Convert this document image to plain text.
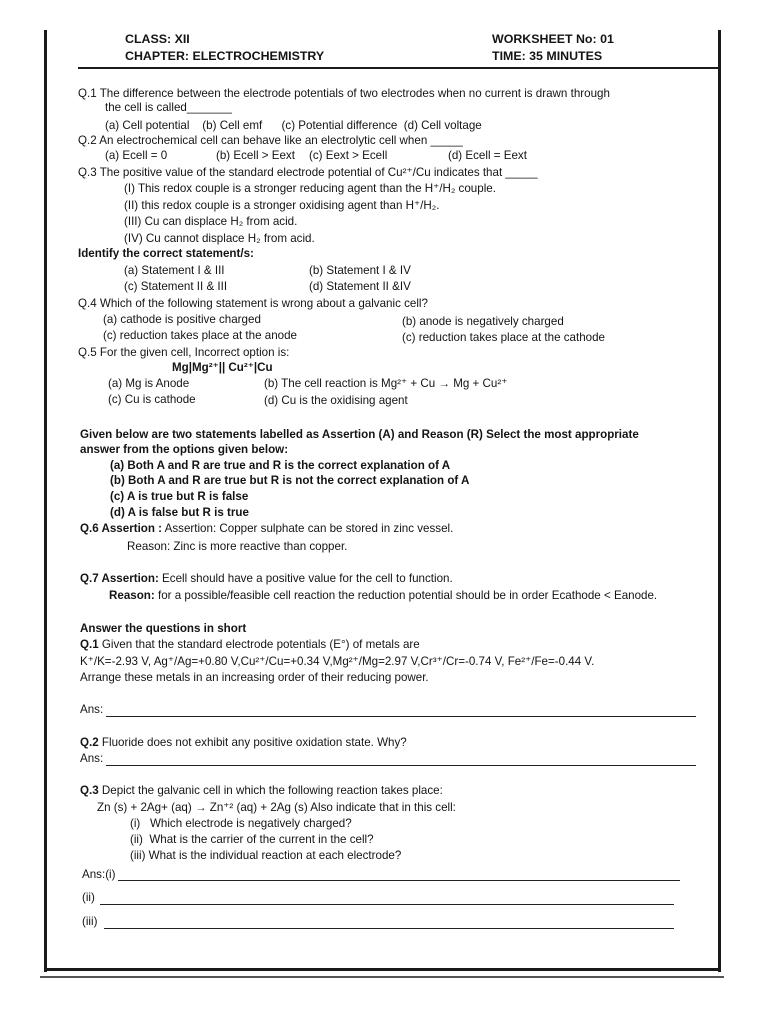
CLASS: XII
CHAPTER: ELECTROCHEMISTRY
WORKSHEET No: 01
TIME: 35 MINUTES
Q.1 The difference between the electrode potentials of two electrodes when no current is drawn through
the cell is called_______
(a) Cell potential    (b) Cell emf      (c) Potential difference  (d) Cell voltage
Q.2 An electrochemical cell can behave like an electrolytic cell when _____
(a) Ecell = 0	(b) Ecell > Eext (c) Eext > Ecell	(d) Ecell = Eext
Q.3 The positive value of the standard electrode potential of Cu²⁺/Cu indicates that _____
(I) This redox couple is a stronger reducing agent than the H⁺/H₂ couple.
(II) this redox couple is a stronger oxidising agent than H⁺/H₂.
(III) Cu can displace H₂ from acid.
(IV) Cu cannot displace H₂ from acid.
Identify the correct statement/s:
(a) Statement I & III	(b) Statement I & IV
(c) Statement II & III	(d) Statement II &IV
Q.4 Which of the following statement is wrong about a galvanic cell?
(a) cathode is positive charged	(b) anode is negatively charged
(c) reduction takes place at the anode	(c) reduction takes place at the cathode
Q.5 For the given cell, Incorrect option is:
Mg|Mg²⁺|| Cu²⁺|Cu
(a) Mg is Anode	(b) The cell reaction is Mg²⁺ + Cu → Mg + Cu²⁺
(c) Cu is cathode	(d) Cu is the oxidising agent
Given below are two statements labelled as Assertion (A) and Reason (R) Select the most appropriate
answer from the options given below:
(a) Both A and R are true and R is the correct explanation of A
(b) Both A and R are true but R is not the correct explanation of A
(c) A is true but R is false
(d) A is false but R is true
Q.6 Assertion : Assertion: Copper sulphate can be stored in zinc vessel.
Reason: Zinc is more reactive than copper.
Q.7 Assertion: Ecell should have a positive value for the cell to function.
Reason: for a possible/feasible cell reaction the reduction potential should be in order Ecathode < Eanode.
Answer the questions in short
Q.1 Given that the standard electrode potentials (E°) of metals are
K⁺/K=-2.93 V, Ag⁺/Ag=+0.80 V,Cu²⁺/Cu=+0.34 V,Mg²⁺/Mg=2.97 V,Cr³⁺/Cr=-0.74 V, Fe²⁺/Fe=-0.44 V.
Arrange these metals in an increasing order of their reducing power.
Ans:
Q.2 Fluoride does not exhibit any positive oxidation state. Why?
Ans:
Q.3 Depict the galvanic cell in which the following reaction takes place:
Zn (s) + 2Ag+ (aq) → Zn⁺² (aq) + 2Ag (s) Also indicate that in this cell:
(i)   Which electrode is negatively charged?
(ii)  What is the carrier of the current in the cell?
(iii) What is the individual reaction at each electrode?
Ans:(i)
(ii)
(iii)
